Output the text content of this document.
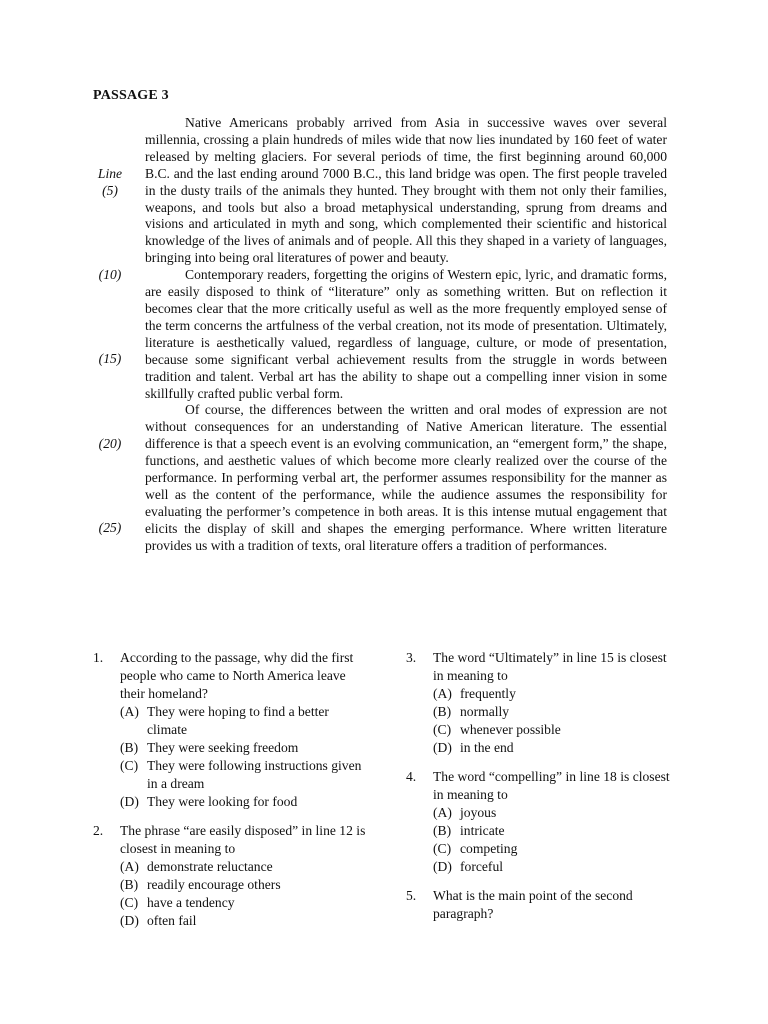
PASSAGE 3
Line
(5)
(10)
(15)
(20)
(25)

Native Americans probably arrived from Asia in successive waves over several millennia, crossing a plain hundreds of miles wide that now lies inundated by 160 feet of water released by melting glaciers. For several periods of time, the first beginning around 60,000 B.C. and the last ending around 7000 B.C., this land bridge was open. The first people traveled in the dusty trails of the animals they hunted. They brought with them not only their families, weapons, and tools but also a broad metaphysical understanding, sprung from dreams and visions and articulated in myth and song, which complemented their scientific and historical knowledge of the lives of animals and of people. All this they shaped in a variety of languages, bringing into being oral literatures of power and beauty.

Contemporary readers, forgetting the origins of Western epic, lyric, and dramatic forms, are easily disposed to think of “literature” only as something written. But on reflection it becomes clear that the more critically useful as well as the more frequently employed sense of the term concerns the artfulness of the verbal creation, not its mode of presentation. Ultimately, literature is aesthetically valued, regardless of language, culture, or mode of presentation, because some significant verbal achievement results from the struggle in words between tradition and talent. Verbal art has the ability to shape out a compelling inner vision in some skillfully crafted public verbal form.

Of course, the differences between the written and oral modes of expression are not without consequences for an understanding of Native American literature. The essential difference is that a speech event is an evolving communication, an “emergent form,” the shape, functions, and aesthetic values of which become more clearly realized over the course of the performance. In performing verbal art, the performer assumes responsibility for the manner as well as the content of the performance, while the audience assumes the responsibility for evaluating the performer’s competence in both areas. It is this intense mutual engagement that elicits the display of skill and shapes the emerging performance. Where written literature provides us with a tradition of texts, oral literature offers a tradition of performances.

1.	According to the passage, why did the first people who came to North America leave their homeland?
(A) They were hoping to find a better climate
(B) They were seeking freedom
(C) They were following instructions given in a dream
(D) They were looking for food
2.	The phrase “are easily disposed” in line 12 is closest in meaning to
(A) demonstrate reluctance
(B) readily encourage others
(C) have a tendency
(D) often fail
3.	The word “Ultimately” in line 15 is closest in meaning to
(A) frequently
(B) normally
(C) whenever possible
(D) in the end
4.	The word “compelling” in line 18 is closest in meaning to
(A) joyous
(B) intricate
(C) competing
(D) forceful
5.	What is the main point of the second paragraph?
